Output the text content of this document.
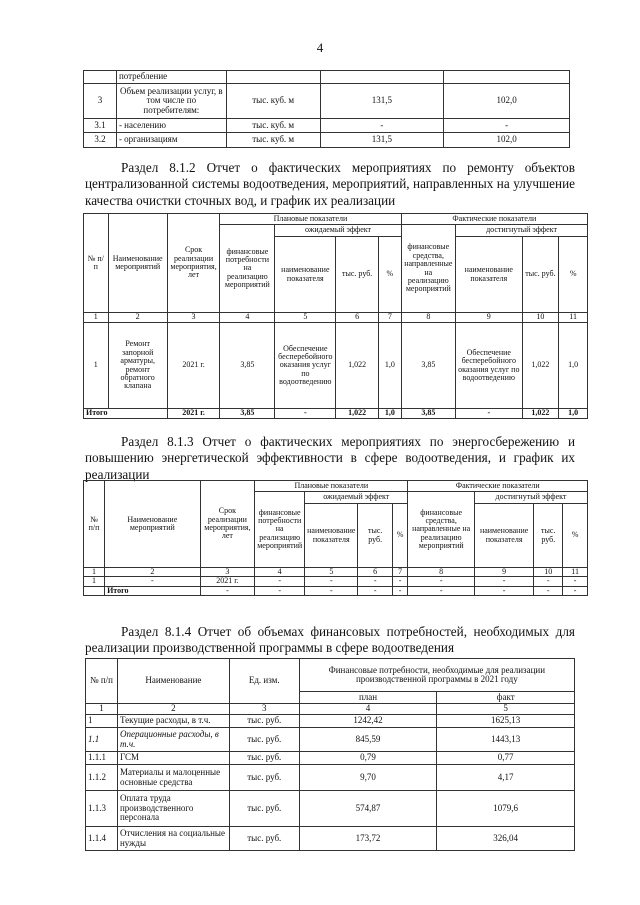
4
	потребление			
3	Объем реализации услуг, в том числе по потребителям:	тыс. куб. м	131,5	102,0
3.1	- населению	тыс. куб. м	-	-
3.2	- организациям	тыс. куб. м	131,5	102,0
Раздел 8.1.2 Отчет о фактических мероприятиях по ремонту объектов централизованной системы водоотведения, мероприятий, направленных на улучшение качества очистки сточных вод, и график их реализации
№ п/п	Наименование мероприятий	Срок реализации мероприятия, лет	Плановые показатели				Фактические показатели			
			финансовые потребности на реализацию мероприятий	ожидаемый эффект			финансовые средства, направленные на реализацию мероприятий	достигнутый эффект		
				наименование показателя	тыс. руб.	%		наименование показателя	тыс. руб.	%
1	2	3	4	5	6	7	8	9	10	11
1	Ремонт запорной арматуры, ремонт обратного клапана	2021 г.	3,85	Обеспечение бесперебойного оказания услуг по водоотведению	1,022	1,0	3,85	Обеспечение бесперебойного оказания услуг по водоотведению	1,022	1,0
Итого		2021 г.	3,85	-	1,022	1,0	3,85	-	1,022	1,0
Раздел 8.1.3 Отчет о фактических мероприятиях по энергосбережению и повышению энергетической эффективности в сфере водоотведения, и график их реализации
№ п/п	Наименование мероприятий	Срок реализации мероприятия, лет	Плановые показатели				Фактические показатели			
			финансовые потребности на реализацию мероприятий	ожидаемый эффект			финансовые средства, направленные на реализацию мероприятий	достигнутый эффект		
				наименование показателя	тыс. руб.	%		наименование показателя	тыс. руб.	%
1	2	3	4	5	6	7	8	9	10	11
1	-	2021 г.	-	-	-	-	-	-	-	-
	Итого	-	-	-	-	-	-	-	-	-
Раздел 8.1.4 Отчет об объемах финансовых потребностей, необходимых для реализации производственной программы в сфере водоотведения
№ п/п	Наименование	Ед. изм.	Финансовые потребности, необходимые для реализации производственной программы в 2021 году	
			план	факт
1	2	3	4	5
1	Текущие расходы, в т.ч.	тыс. руб.	1242,42	1625,13
1.1	Операционные расходы, в т.ч.	тыс. руб.	845,59	1443,13
1.1.1	ГСМ	тыс. руб.	0,79	0,77
1.1.2	Материалы и малоценные основные средства	тыс. руб.	9,70	4,17
1.1.3	Оплата труда производственного персонала	тыс. руб.	574,87	1079,6
1.1.4	Отчисления на социальные нужды	тыс. руб.	173,72	326,04
